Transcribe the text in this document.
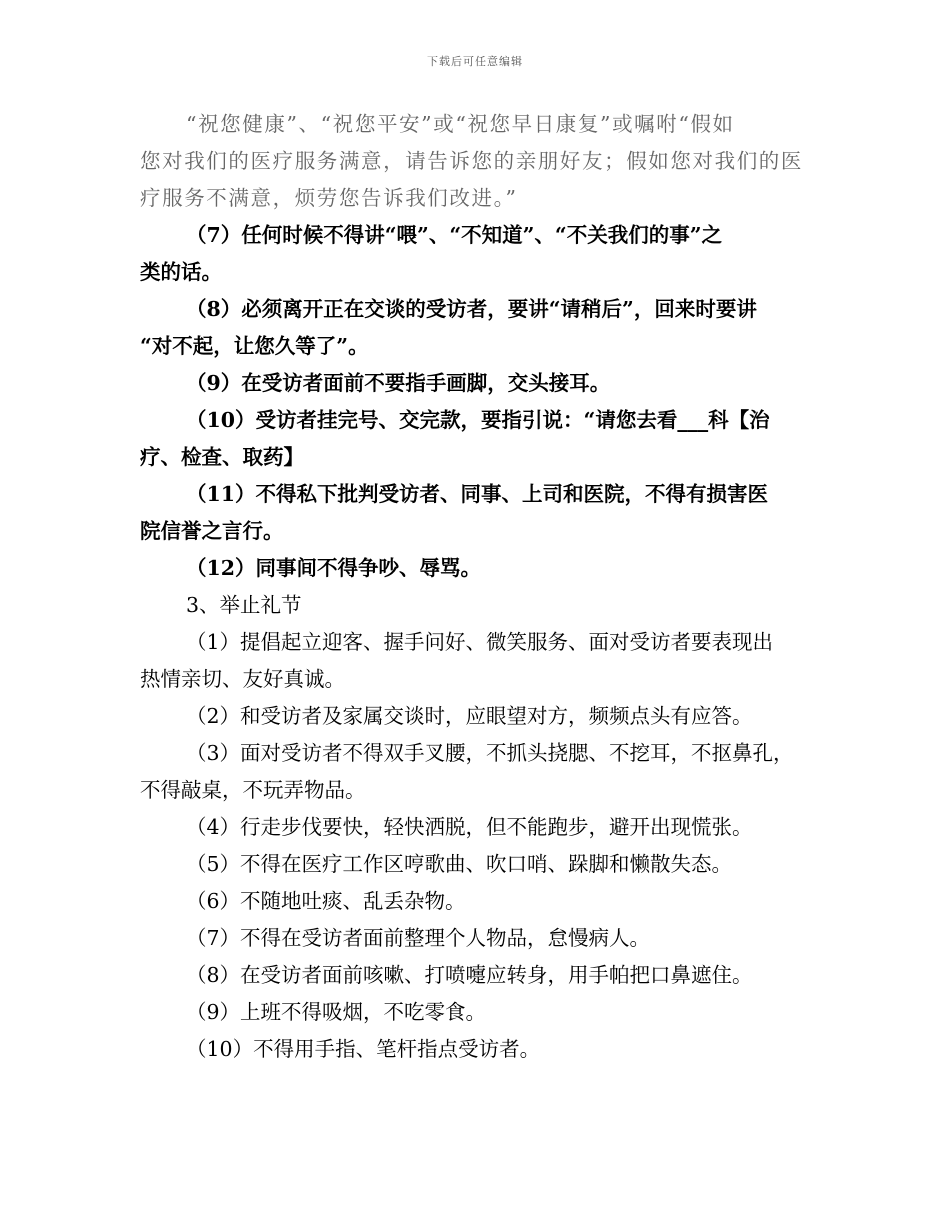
下载后可任意编辑
“祝您健康”、“祝您平安”或“祝您早日康复”或嘱咐“假如
您对我们的医疗服务满意，请告诉您的亲朋好友；假如您对我们的医
疗服务不满意，烦劳您告诉我们改进。”
（7）任何时候不得讲“喂”、“不知道”、“不关我们的事”之
类的话。
（8）必须离开正在交谈的受访者，要讲“请稍后”，回来时要讲
“对不起，让您久等了”。
（9）在受访者面前不要指手画脚，交头接耳。
（10）受访者挂完号、交完款，要指引说：“请您去看___科【治
疗、检查、取药】
（11）不得私下批判受访者、同事、上司和医院，不得有损害医
院信誉之言行。
（12）同事间不得争吵、辱骂。
3、举止礼节
（1）提倡起立迎客、握手问好、微笑服务、面对受访者要表现出
热情亲切、友好真诚。
（2）和受访者及家属交谈时，应眼望对方，频频点头有应答。
（3）面对受访者不得双手叉腰，不抓头挠腮、不挖耳，不抠鼻孔，
不得敲桌，不玩弄物品。
（4）行走步伐要快，轻快洒脱，但不能跑步，避开出现慌张。
（5）不得在医疗工作区哼歌曲、吹口哨、跺脚和懒散失态。
（6）不随地吐痰、乱丢杂物。
（7）不得在受访者面前整理个人物品，怠慢病人。
（8）在受访者面前咳嗽、打喷嚏应转身，用手帕把口鼻遮住。
（9）上班不得吸烟，不吃零食。
（10）不得用手指、笔杆指点受访者。
